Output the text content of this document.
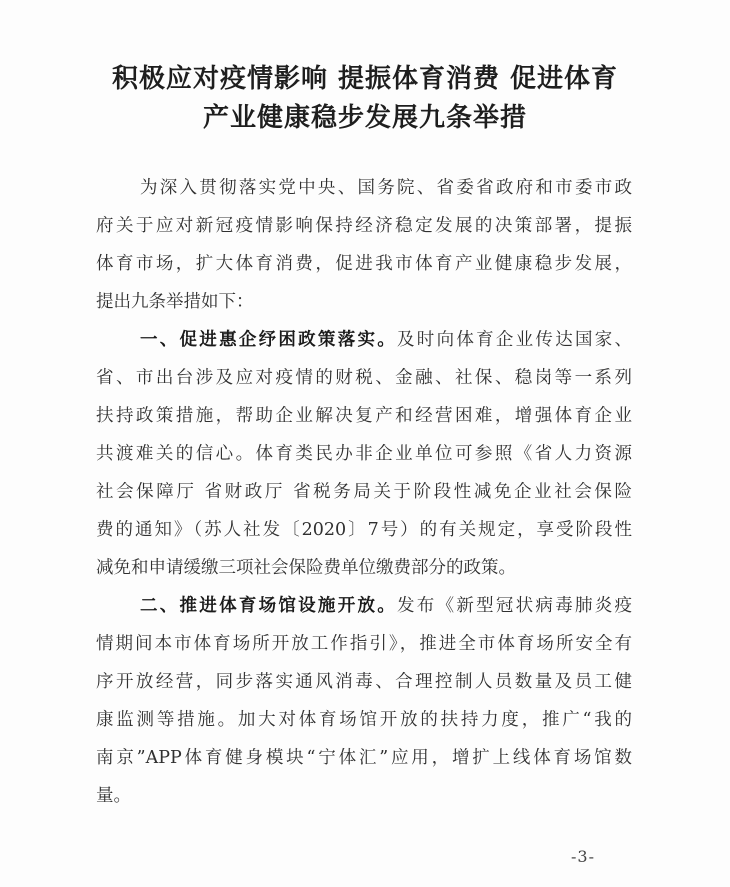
积极应对疫情影响 提振体育消费 促进体育
产业健康稳步发展九条举措
为深入贯彻落实党中央、国务院、省委省政府和市委市政
府关于应对新冠疫情影响保持经济稳定发展的决策部署，提振
体育市场，扩大体育消费，促进我市体育产业健康稳步发展，
提出九条举措如下：
一、促进惠企纾困政策落实。及时向体育企业传达国家、
省、市出台涉及应对疫情的财税、金融、社保、稳岗等一系列
扶持政策措施，帮助企业解决复产和经营困难，增强体育企业
共渡难关的信心。体育类民办非企业单位可参照《省人力资源
社会保障厅 省财政厅 省税务局关于阶段性减免企业社会保险
费的通知》（苏人社发〔2020〕7号）的有关规定，享受阶段性
减免和申请缓缴三项社会保险费单位缴费部分的政策。
二、推进体育场馆设施开放。发布《新型冠状病毒肺炎疫
情期间本市体育场所开放工作指引》，推进全市体育场所安全有
序开放经营，同步落实通风消毒、合理控制人员数量及员工健
康监测等措施。加大对体育场馆开放的扶持力度，推广“我的
南京”APP体育健身模块“宁体汇”应用，增扩上线体育场馆数
量。
-3-
